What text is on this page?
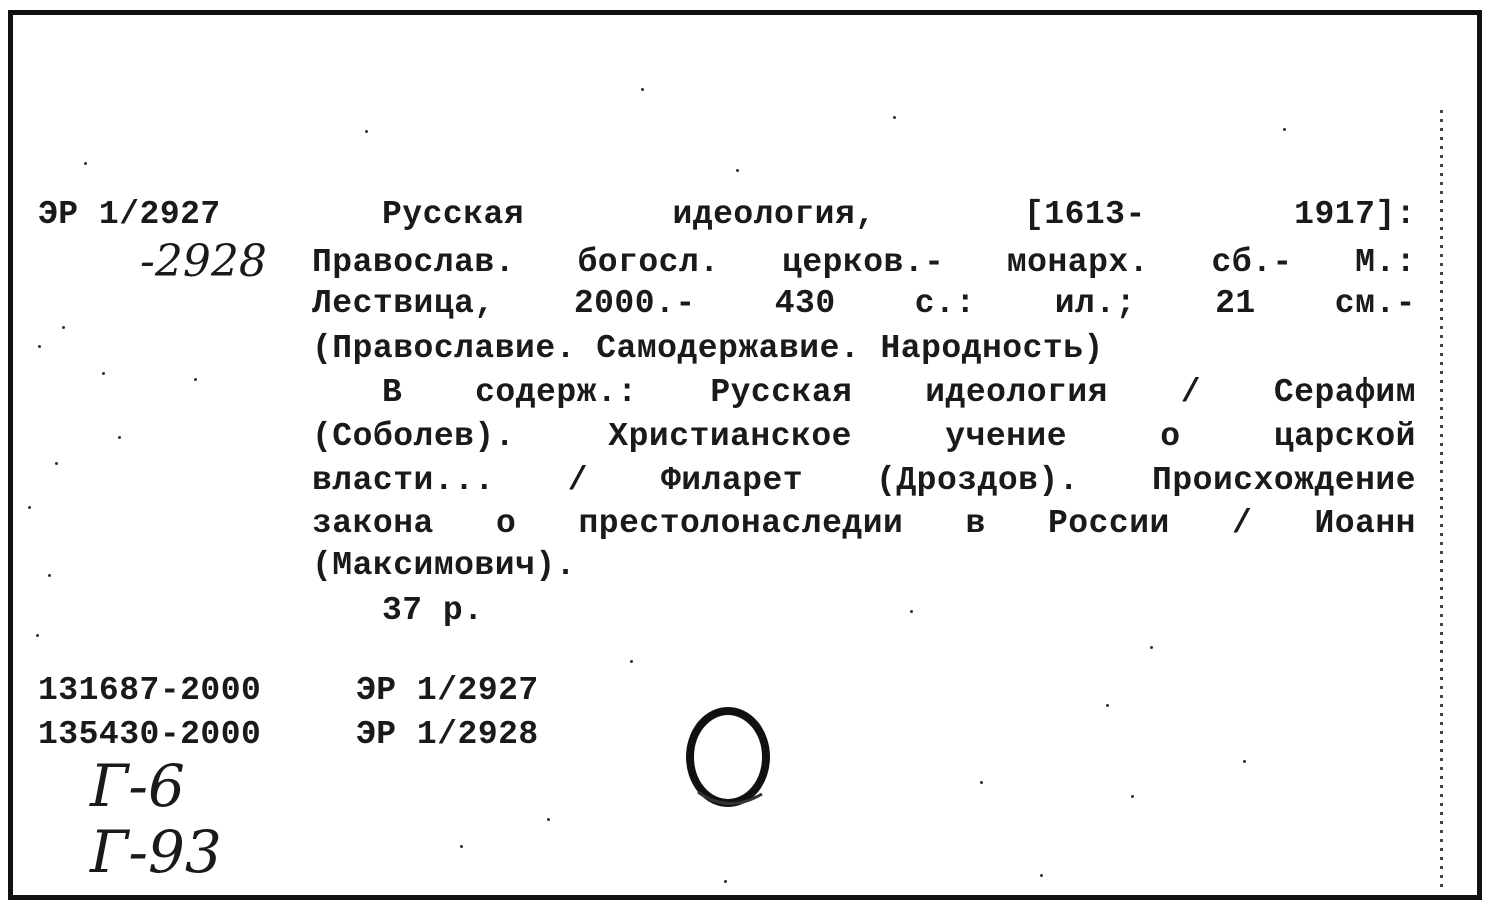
ЭР 1/2927
-2928
Русская идеология, [1613- 1917]:
Православ. богосл. церков.- монарх. сб.- М.:
Лествица, 2000.- 430 с.: ил.; 21 см.-
(Православие. Самодержавие. Народность)
В содерж.: Русская идеология / Серафим
(Соболев). Христианское учение о царской
власти... / Филарет (Дроздов). Происхождение
закона о престолонаследии в России / Иоанн
(Максимович).
37 р.
131687-2000	ЭР 1/2927
135430-2000	ЭР 1/2928
Г-6
Г-93
